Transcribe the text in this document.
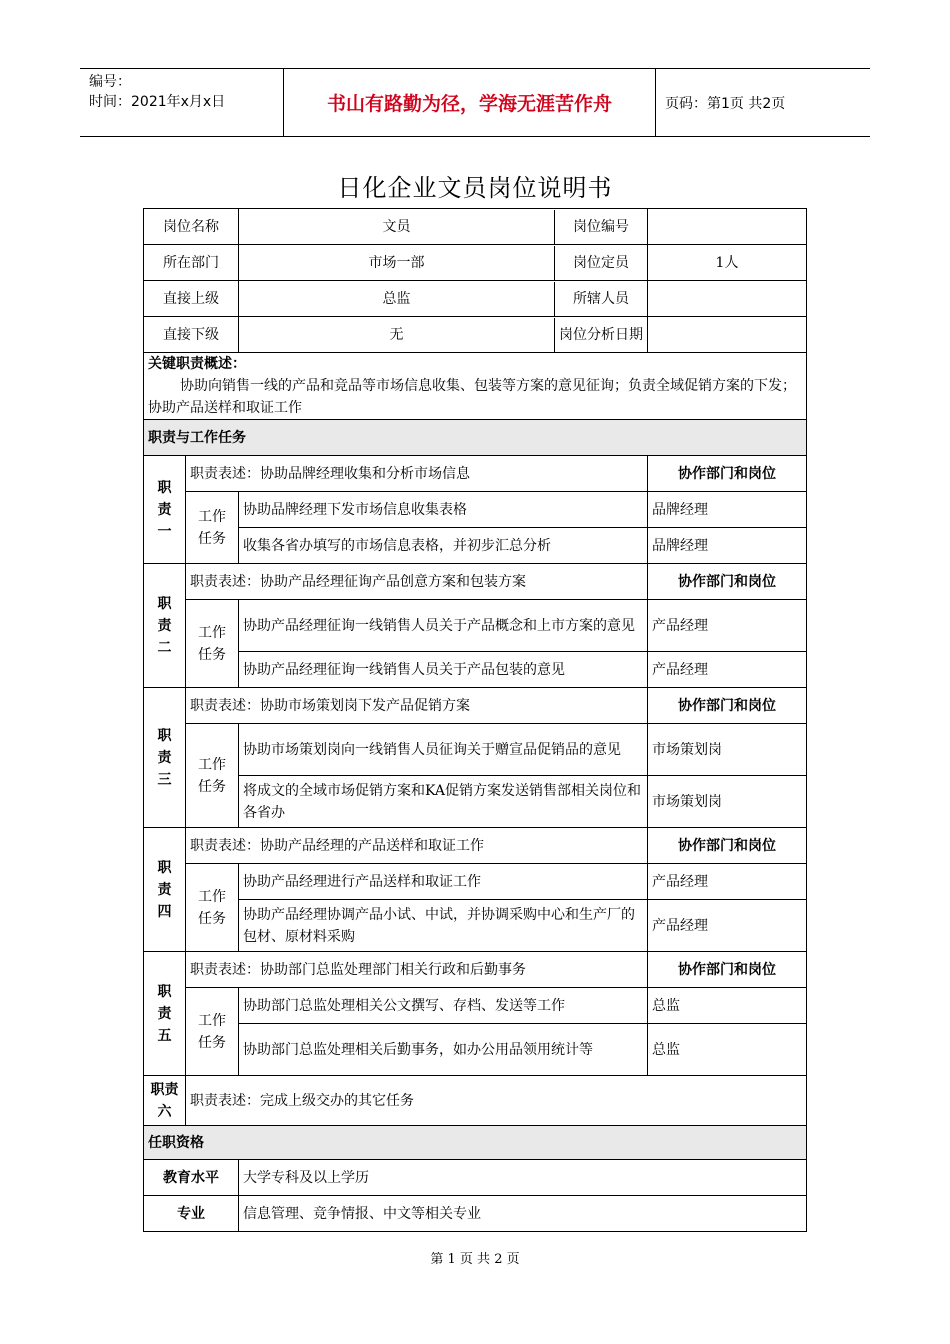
编号：
时间：2021年x月x日	书山有路勤为径，学海无涯苦作舟	页码：第1页 共2页
日化企业文员岗位说明书
岗位名称		文员 岗位编号	

所在部门		市场一部 岗位定员	1人
直接上级		总监 所辖人员	

直接下级		无 岗位分析日期	

关键职责概述：
协助向销售一线的产品和竞品等市场信息收集、包装等方案的意见征询；负责全域促销方案的下发；协助产品送样和取证工作			

职责与工作任务			
职责一	职责表述：协助品牌经理收集和分析市场信息		协作部门和岗位
	工作任务	协助品牌经理下发市场信息收集表格	品牌经理
		收集各省办填写的市场信息表格，并初步汇总分析	品牌经理
职责二	职责表述：协助产品经理征询产品创意方案和包装方案		协作部门和岗位
	工作任务	协助产品经理征询一线销售人员关于产品概念和上市方案的意见	产品经理
		协助产品经理征询一线销售人员关于产品包装的意见	产品经理
职责三	职责表述：协助市场策划岗下发产品促销方案		协作部门和岗位
	工作任务	协助市场策划岗向一线销售人员征询关于赠宣品促销品的意见	市场策划岗
		将成文的全域市场促销方案和KA促销方案发送销售部相关岗位和各省办	市场策划岗
职责四	职责表述：协助产品经理的产品送样和取证工作		协作部门和岗位
	工作任务	协助产品经理进行产品送样和取证工作	产品经理
		协助产品经理协调产品小试、中试，并协调采购中心和生产厂的包材、原材料采购	产品经理
职责五	职责表述：协助部门总监处理部门相关行政和后勤事务		协作部门和岗位
	工作任务	协助部门总监处理相关公文撰写、存档、发送等工作	总监
		协助部门总监处理相关后勤事务，如办公用品领用统计等	总监
职责六	职责表述：完成上级交办的其它任务		
任职资格			
教育水平		大学专科及以上学历	
专业		信息管理、竞争情报、中文等相关专业	
第 1 页 共 2 页
